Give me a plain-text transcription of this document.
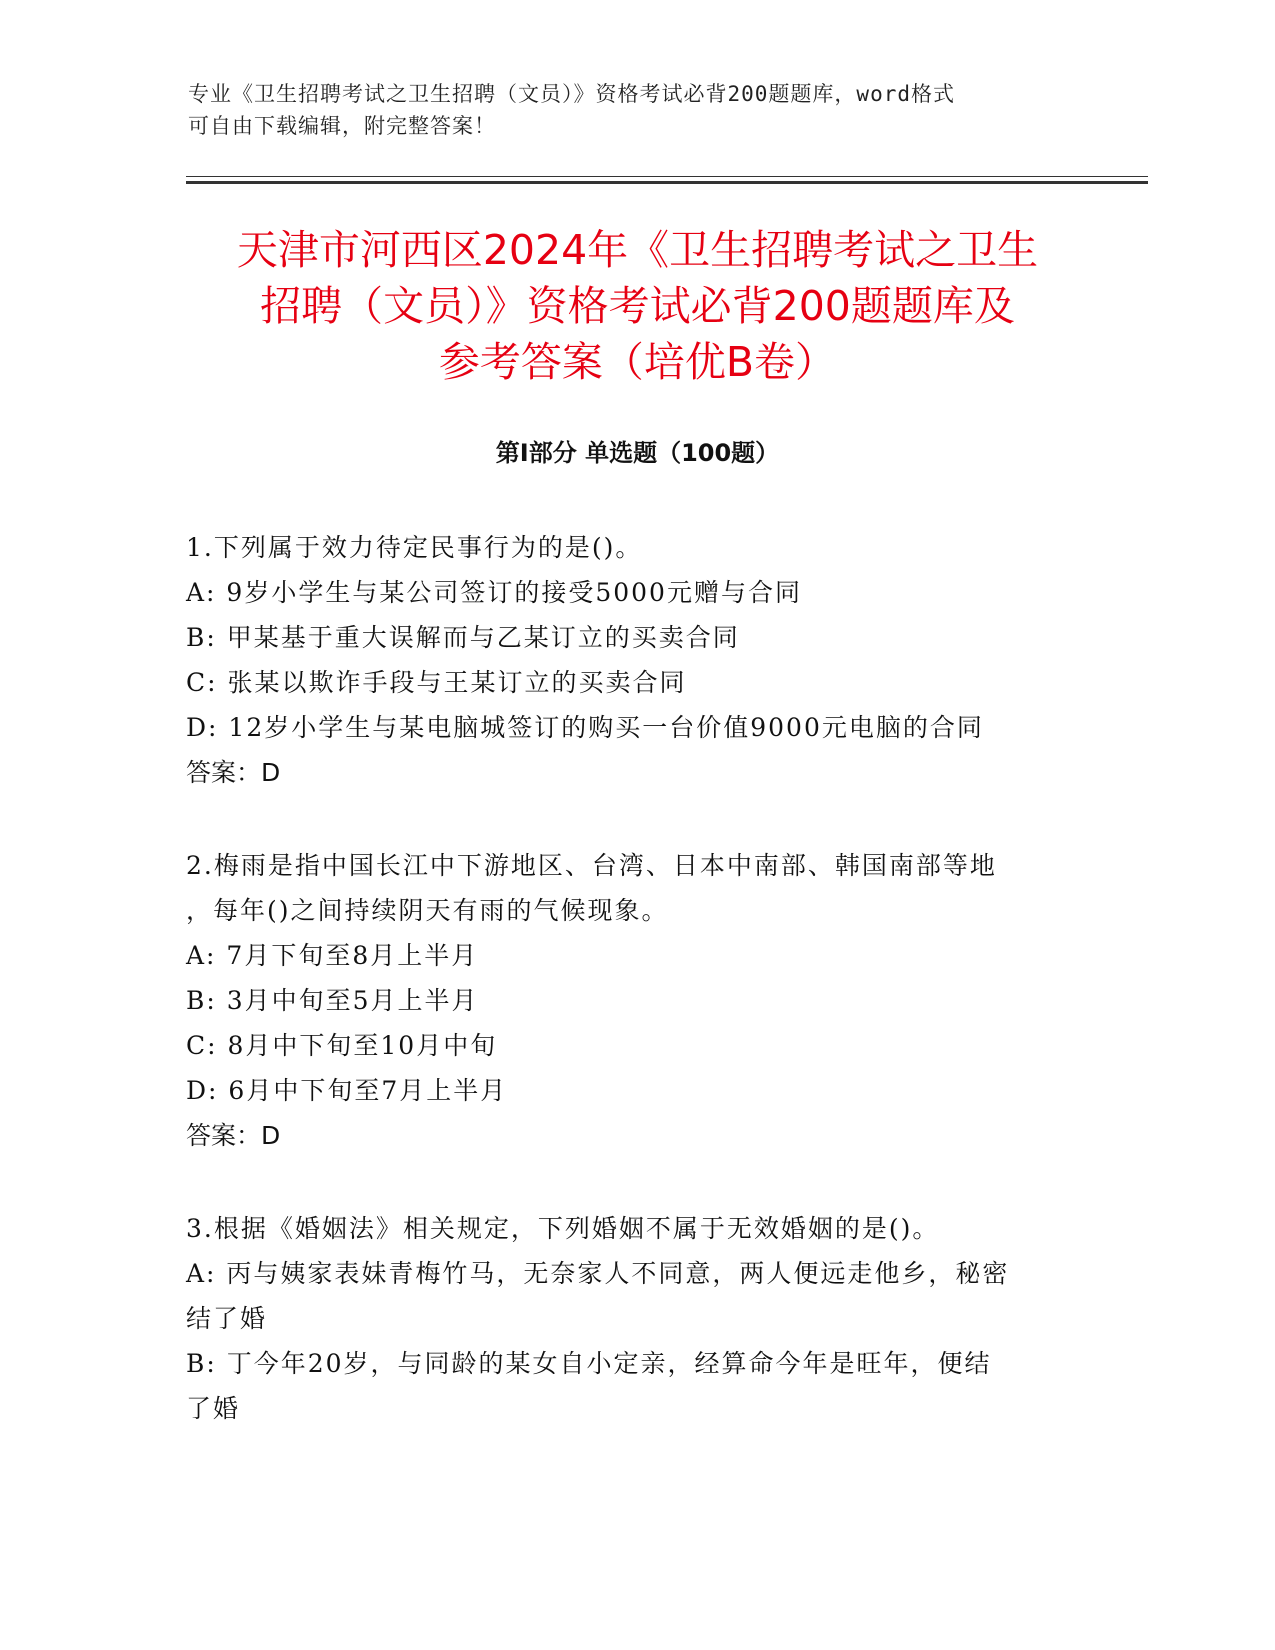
专业《卫生招聘考试之卫生招聘（文员）》资格考试必背200题题库，word格式
可自由下载编辑，附完整答案！
天津市河西区2024年《卫生招聘考试之卫生
招聘（文员）》资格考试必背200题题库及
参考答案（培优B卷）
第Ⅰ部分 单选题（100题）
1.下列属于效力待定民事行为的是()。
A: 9岁小学生与某公司签订的接受5000元赠与合同
B: 甲某基于重大误解而与乙某订立的买卖合同
C: 张某以欺诈手段与王某订立的买卖合同
D: 12岁小学生与某电脑城签订的购买一台价值9000元电脑的合同
答案：D
2.梅雨是指中国长江中下游地区、台湾、日本中南部、韩国南部等地
，每年()之间持续阴天有雨的气候现象。
A: 7月下旬至8月上半月
B: 3月中旬至5月上半月
C: 8月中下旬至10月中旬
D: 6月中下旬至7月上半月
答案：D
3.根据《婚姻法》相关规定，下列婚姻不属于无效婚姻的是()。
A: 丙与姨家表妹青梅竹马，无奈家人不同意，两人便远走他乡，秘密
结了婚
B: 丁今年20岁，与同龄的某女自小定亲，经算命今年是旺年，便结
了婚
